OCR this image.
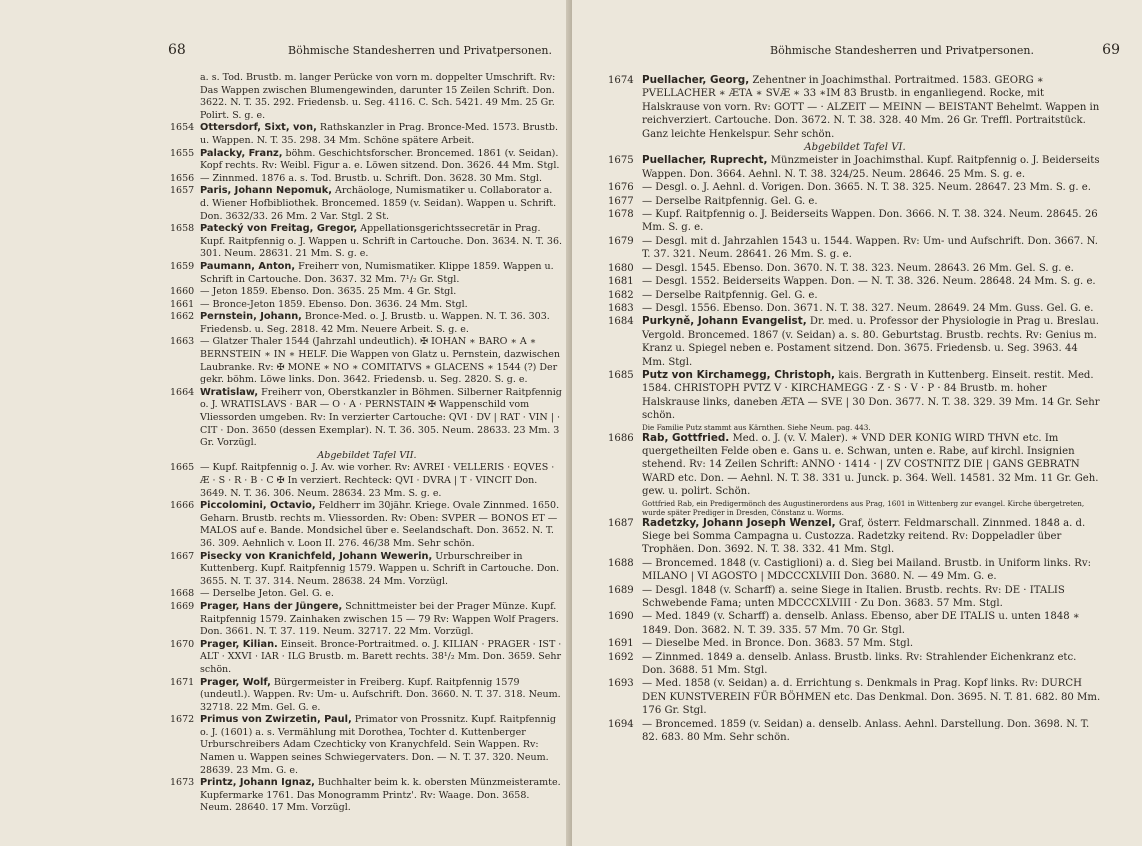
68	Böhmische Standesherren und Privatpersonen.

a. s. Tod. Brustb. m. langer Perücke von vorn m. doppelter Umschrift. Rv: Das Wappen zwischen Blumengewinden, darunter 15 Zeilen Schrift. Don. 3622. N. T. 35. 292. Friedensb. u. Seg. 4116. C. Sch. 5421. 49 Mm. 25 Gr. Polirt. S. g. e.

1654 Ottersdorf, Sixt, von, Rathskanzler in Prag. Bronce-Med. 1573. Brustb. u. Wappen. N. T. 35. 298. 34 Mm. Schöne spätere Arbeit.

1655 Palacky, Franz, böhm. Geschichtsforscher. Broncemed. 1861 (v. Seidan). Kopf rechts. Rv: Weibl. Figur a. e. Löwen sitzend. Don. 3626. 44 Mm. Stgl.

1656 — Zinnmed. 1876 a. s. Tod. Brustb. u. Schrift. Don. 3628. 30 Mm. Stgl.

1657 Paris, Johann Nepomuk, Archäologe, Numismatiker u. Collaborator a. d. Wiener Hofbibliothek. Broncemed. 1859 (v. Seidan). Wappen u. Schrift. Don. 3632/33. 26 Mm. 2 Var. Stgl. 2 St.

1658 Patecký von Freitag, Gregor, Appellationsgerichtssecretär in Prag. Kupf. Raitpfennig o. J. Wappen u. Schrift in Cartouche. Don. 3634. N. T. 36. 301. Neum. 28631. 21 Mm. S. g. e.

1659 Paumann, Anton, Freiherr von, Numismatiker. Klippe 1859. Wappen u. Schrift in Cartouche. Don. 3637. 32 Mm. 7¹/₂ Gr. Stgl.

1660 — Jeton 1859. Ebenso. Don. 3635. 25 Mm. 4 Gr. Stgl.

1661 — Bronce-Jeton 1859. Ebenso. Don. 3636. 24 Mm. Stgl.

1662 Pernstein, Johann, Bronce-Med. o. J. Brustb. u. Wappen. N. T. 36. 303. Friedensb. u. Seg. 2818. 42 Mm. Neuere Arbeit. S. g. e.

1663 — Glatzer Thaler 1544 (Jahrzahl undeutlich). ✠ IOHAN ∗ BARO ∗ A ∗ BERNSTEIN ∗ IN ∗ HELF. Die Wappen von Glatz u. Pernstein, dazwischen Laubranke. Rv: ✠ MONE ∗ NO ∗ COMITATVS ∗ GLACENS ∗ 1544 (?) Der gekr. böhm. Löwe links. Don. 3642. Friedensb. u. Seg. 2820. S. g. e.

1664 Wratislaw, Freiherr von, Oberstkanzler in Böhmen. Silberner Raitpfennig o. J. WRATISLAVS · BAR — O · A · PERNSTAIN ✠ Wappenschild vom Vliessorden umgeben. Rv: In verzierter Cartouche: QVI · DV | RAT · VIN | · CIT · Don. 3650 (dessen Exemplar). N. T. 36. 305. Neum. 28633. 23 Mm. 3 Gr. Vorzügl.

Abgebildet Tafel VII.

1665 — Kupf. Raitpfennig o. J. Av. wie vorher. Rv: AVREI · VELLERIS · EQVES · Æ · S · R · B · C ✠ In verziert. Rechteck: QVI · DVRA | T · VINCIT Don. 3649. N. T. 36. 306. Neum. 28634. 23 Mm. S. g. e.

1666 Piccolomini, Octavio, Feldherr im 30jähr. Kriege. Ovale Zinnmed. 1650. Geharn. Brustb. rechts m. Vliessorden. Rv: Oben: SVPER — BONOS ET — MALOS auf e. Bande. Mondsichel über e. Seelandschaft. Don. 3652. N. T. 36. 309. Aehnlich v. Loon II. 276. 46/38 Mm. Sehr schön.

1667 Pisecky von Kranichfeld, Johann Wewerin, Urburschreiber in Kuttenberg. Kupf. Raitpfennig 1579. Wappen u. Schrift in Cartouche. Don. 3655. N. T. 37. 314. Neum. 28638. 24 Mm. Vorzügl.

1668 — Derselbe Jeton. Gel. G. e.

1669 Prager, Hans der Jüngere, Schnittmeister bei der Prager Münze. Kupf. Raitpfennig 1579. Zainhaken zwischen 15 — 79 Rv: Wappen Wolf Pragers. Don. 3661. N. T. 37. 119. Neum. 32717. 22 Mm. Vorzügl.

1670 Prager, Kilian. Einseit. Bronce-Portraitmed. o. J. KILIAN · PRAGER · IST · ALT · XXVI · IAR · ILG Brustb. m. Barett rechts. 38¹/₂ Mm. Don. 3659. Sehr schön.

1671 Prager, Wolf, Bürgermeister in Freiberg. Kupf. Raitpfennig 1579 (undeutl.). Wappen. Rv: Um- u. Aufschrift. Don. 3660. N. T. 37. 318. Neum. 32718. 22 Mm. Gel. G. e.

1672 Primus von Zwirzetin, Paul, Primator von Prossnitz. Kupf. Raitpfennig o. J. (1601) a. s. Vermählung mit Dorothea, Tochter d. Kuttenberger Urburschreibers Adam Czechticky von Kranychfeld. Sein Wappen. Rv: Namen u. Wappen seines Schwiegervaters. Don. — N. T. 37. 320. Neum. 28639. 23 Mm. G. e.

1673 Printz, Johann Ignaz, Buchhalter beim k. k. obersten Münzmeisteramte. Kupfermarke 1761. Das Monogramm Printz'. Rv: Waage. Don. 3658. Neum. 28640. 17 Mm. Vorzügl.

Böhmische Standesherren und Privatpersonen.	69

1674 Puellacher, Georg, Zehentner in Joachimsthal. Portraitmed. 1583. GEORG ∗ PVELLACHER ∗ ÆTA ∗ SVÆ ∗ 33 ∗IM 83 Brustb. in enganliegend. Rocke, mit Halskrause von vorn. Rv: GOTT — · ALZEIT — MEINN — BEISTANT Behelmt. Wappen in reichverziert. Cartouche. Don. 3672. N. T. 38. 328. 40 Mm. 26 Gr. Treffl. Portraitstück. Ganz leichte Henkelspur. Sehr schön.

Abgebildet Tafel VI.

1675 Puellacher, Ruprecht, Münzmeister in Joachimsthal. Kupf. Raitpfennig o. J. Beiderseits Wappen. Don. 3664. Aehnl. N. T. 38. 324/25. Neum. 28646. 25 Mm. S. g. e.

1676 — Desgl. o. J. Aehnl. d. Vorigen. Don. 3665. N. T. 38. 325. Neum. 28647. 23 Mm. S. g. e.

1677 — Derselbe Raitpfennig. Gel. G. e.

1678 — Kupf. Raitpfennig o. J. Beiderseits Wappen. Don. 3666. N. T. 38. 324. Neum. 28645. 26 Mm. S. g. e.

1679 — Desgl. mit d. Jahrzahlen 1543 u. 1544. Wappen. Rv: Um- und Aufschrift. Don. 3667. N. T. 37. 321. Neum. 28641. 26 Mm. S. g. e.

1680 — Desgl. 1545. Ebenso. Don. 3670. N. T. 38. 323. Neum. 28643. 26 Mm. Gel. S. g. e.

1681 — Desgl. 1552. Beiderseits Wappen. Don. — N. T. 38. 326. Neum. 28648. 24 Mm. S. g. e.

1682 — Derselbe Raitpfennig. Gel. G. e.

1683 — Desgl. 1556. Ebenso. Don. 3671. N. T. 38. 327. Neum. 28649. 24 Mm. Guss. Gel. G. e.

1684 Purkyně, Johann Evangelist, Dr. med. u. Professor der Physiologie in Prag u. Breslau. Vergold. Broncemed. 1867 (v. Seidan) a. s. 80. Geburtstag. Brustb. rechts. Rv: Genius m. Kranz u. Spiegel neben e. Postament sitzend. Don. 3675. Friedensb. u. Seg. 3963. 44 Mm. Stgl.

1685 Putz von Kirchamegg, Christoph, kais. Bergrath in Kuttenberg. Einseit. restit. Med. 1584. CHRISTOPH PVTZ V · KIRCHAMEGG · Z · S · V · P · 84 Brustb. m. hoher Halskrause links, daneben ÆTA — SVE | 30 Don. 3677. N. T. 38. 329. 39 Mm. 14 Gr. Sehr schön.

Die Familie Putz stammt aus Kärnthen. Siehe Neum. pag. 443.

1686 Rab, Gottfried. Med. o. J. (v. V. Maler). ∗ VND DER KONIG WIRD THVN etc. Im quergetheilten Felde oben e. Gans u. e. Schwan, unten e. Rabe, auf kirchl. Insignien stehend. Rv: 14 Zeilen Schrift: ANNO · 1414 · | ZV COSTNITZ DIE | GANS GEBRATN WARD etc. Don. — Aehnl. N. T. 38. 331 u. Junck. p. 364. Well. 14581. 32 Mm. 11 Gr. Geh. gew. u. polirt. Schön.

Gottfried Rab, ein Predigermönch des Augustinerordens aus Prag, 1601 in Wittenberg zur evangel. Kirche übergetreten, wurde später Prediger in Dresden, Cönstanz u. Worms.

1687 Radetzky, Johann Joseph Wenzel, Graf, österr. Feldmarschall. Zinnmed. 1848 a. d. Siege bei Somma Campagna u. Custozza. Radetzky reitend. Rv: Doppeladler über Trophäen. Don. 3692. N. T. 38. 332. 41 Mm. Stgl.

1688 — Broncemed. 1848 (v. Castiglioni) a. d. Sieg bei Mailand. Brustb. in Uniform links. Rv: MILANO | VI AGOSTO | MDCCCXLVIII Don. 3680. N. — 49 Mm. G. e.

1689 — Desgl. 1848 (v. Scharff) a. seine Siege in Italien. Brustb. rechts. Rv: DE · ITALIS Schwebende Fama; unten MDCCCXLVIII · Zu Don. 3683. 57 Mm. Stgl.

1690 — Med. 1849 (v. Scharff) a. denselb. Anlass. Ebenso, aber DE ITALIS u. unten 1848 ∗ 1849. Don. 3682. N. T. 39. 335. 57 Mm. 70 Gr. Stgl.

1691 — Dieselbe Med. in Bronce. Don. 3683. 57 Mm. Stgl.

1692 — Zinnmed. 1849 a. denselb. Anlass. Brustb. links. Rv: Strahlender Eichenkranz etc. Don. 3688. 51 Mm. Stgl.

1693 — Med. 1858 (v. Seidan) a. d. Errichtung s. Denkmals in Prag. Kopf links. Rv: DURCH DEN KUNSTVEREIN FÜR BÖHMEN etc. Das Denkmal. Don. 3695. N. T. 81. 682. 80 Mm. 176 Gr. Stgl.

1694 — Broncemed. 1859 (v. Seidan) a. denselb. Anlass. Aehnl. Darstellung. Don. 3698. N. T. 82. 683. 80 Mm. Sehr schön.
